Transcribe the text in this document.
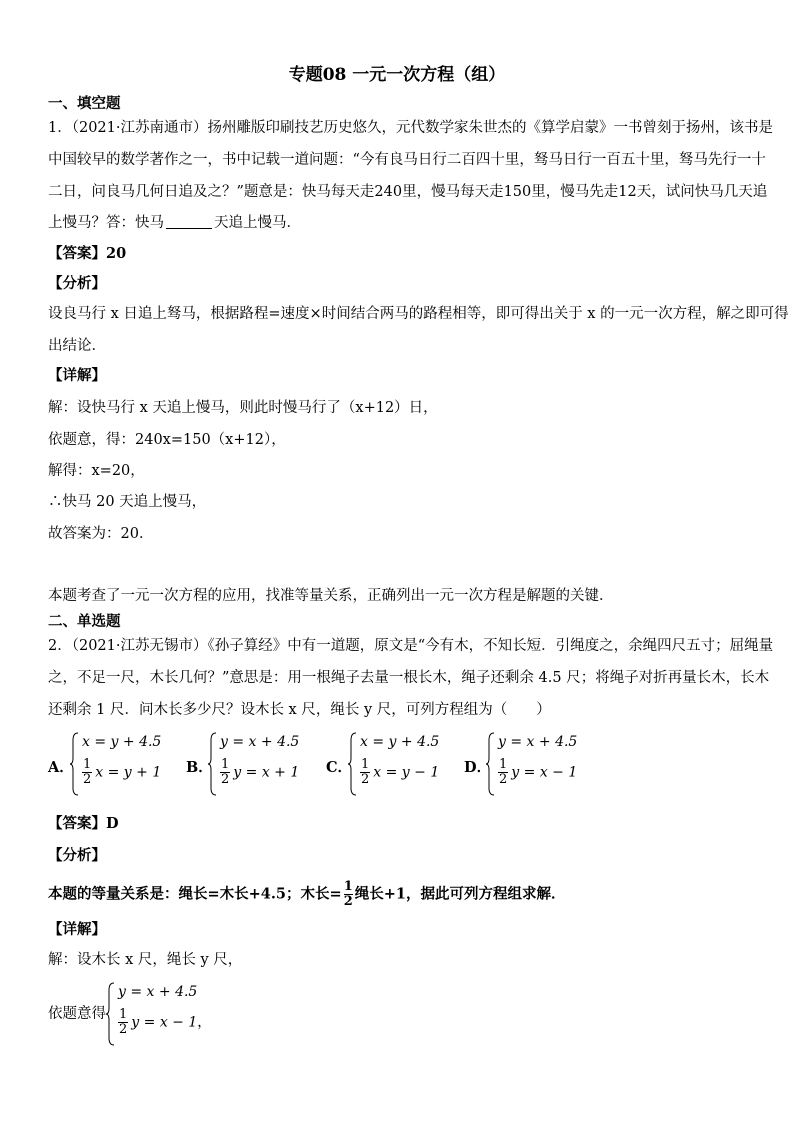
专题08 一元一次方程（组）
一、填空题
1．（2021·江苏南通市）扬州雕版印刷技艺历史悠久，元代数学家朱世杰的《算学启蒙》一书曾刻于扬州，该书是
中国较早的数学著作之一，书中记载一道问题：“今有良马日行二百四十里，驽马日行一百五十里，驽马先行一十
二日，问良马几何日追及之？”题意是：快马每天走240里，慢马每天走150里，慢马先走12天，试问快马几天追
上慢马？答：快马	天追上慢马．
【答案】20
【分析】
设良马行 x 日追上驽马，根据路程=速度×时间结合两马的路程相等，即可得出关于 x 的一元一次方程，解之即可得
出结论．
【详解】
解：设快马行 x 天追上慢马，则此时慢马行了（x+12）日，
依题意，得：240x=150（x+12），
解得：x=20，
∴快马 20 天追上慢马，
故答案为：20．
本题考查了一元一次方程的应用，找准等量关系，正确列出一元一次方程是解题的关键．
二、单选题
2．（2021·江苏无锡市）《孙子算经》中有一道题，原文是“今有木，不知长短．引绳度之，余绳四尺五寸；屈绳量
之，不足一尺，木长几何？”意思是：用一根绳子去量一根长木，绳子还剩余 4.5 尺；将绳子对折再量长木，长木
还剩余 1 尺．问木长多少尺？设木长 x 尺，绳长 y 尺，可列方程组为（　　）
A．
x = y + 4.5
$\frac{1}{2}$ x = y + 1 B．
y = x + 4.5
$\frac{1}{2}$ y = x + 1 C．
x = y + 4.5
$\frac{1}{2}$ x = y − 1 D．
y = x + 4.5
$\frac{1}{2}$ y = x − 1
【答案】D
【分析】
本题的等量关系是：绳长=木长+4.5；木长= $\frac{1}{2}$ 绳长+1，据此可列方程组求解．
【详解】
解：设木长 x 尺，绳长 y 尺，
依题意得
y = x + 4.5
$\frac{1}{2}$ y = x − 1，
